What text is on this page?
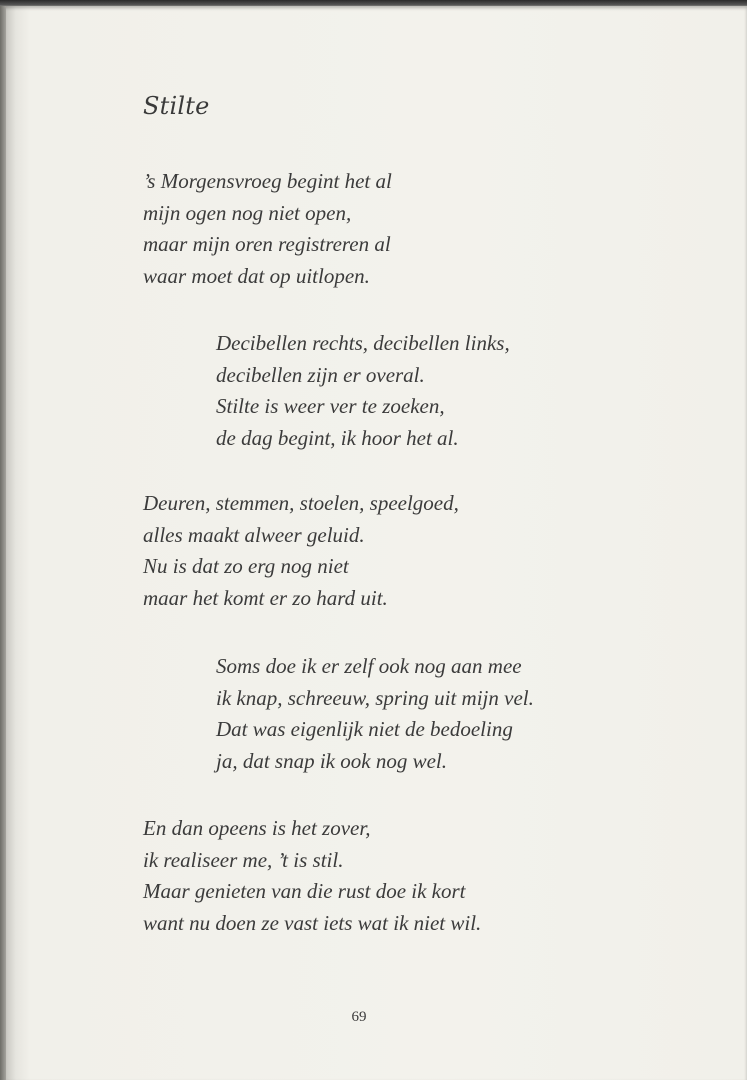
Stilte
’s Morgensvroeg begint het al
mijn ogen nog niet open,
maar mijn oren registreren al
waar moet dat op uitlopen.
Decibellen rechts, decibellen links,
decibellen zijn er overal.
Stilte is weer ver te zoeken,
de dag begint, ik hoor het al.
Deuren, stemmen, stoelen, speelgoed,
alles maakt alweer geluid.
Nu is dat zo erg nog niet
maar het komt er zo hard uit.
Soms doe ik er zelf ook nog aan mee
ik knap, schreeuw, spring uit mijn vel.
Dat was eigenlijk niet de bedoeling
ja, dat snap ik ook nog wel.
En dan opeens is het zover,
ik realiseer me, ’t is stil.
Maar genieten van die rust doe ik kort
want nu doen ze vast iets wat ik niet wil.
69
